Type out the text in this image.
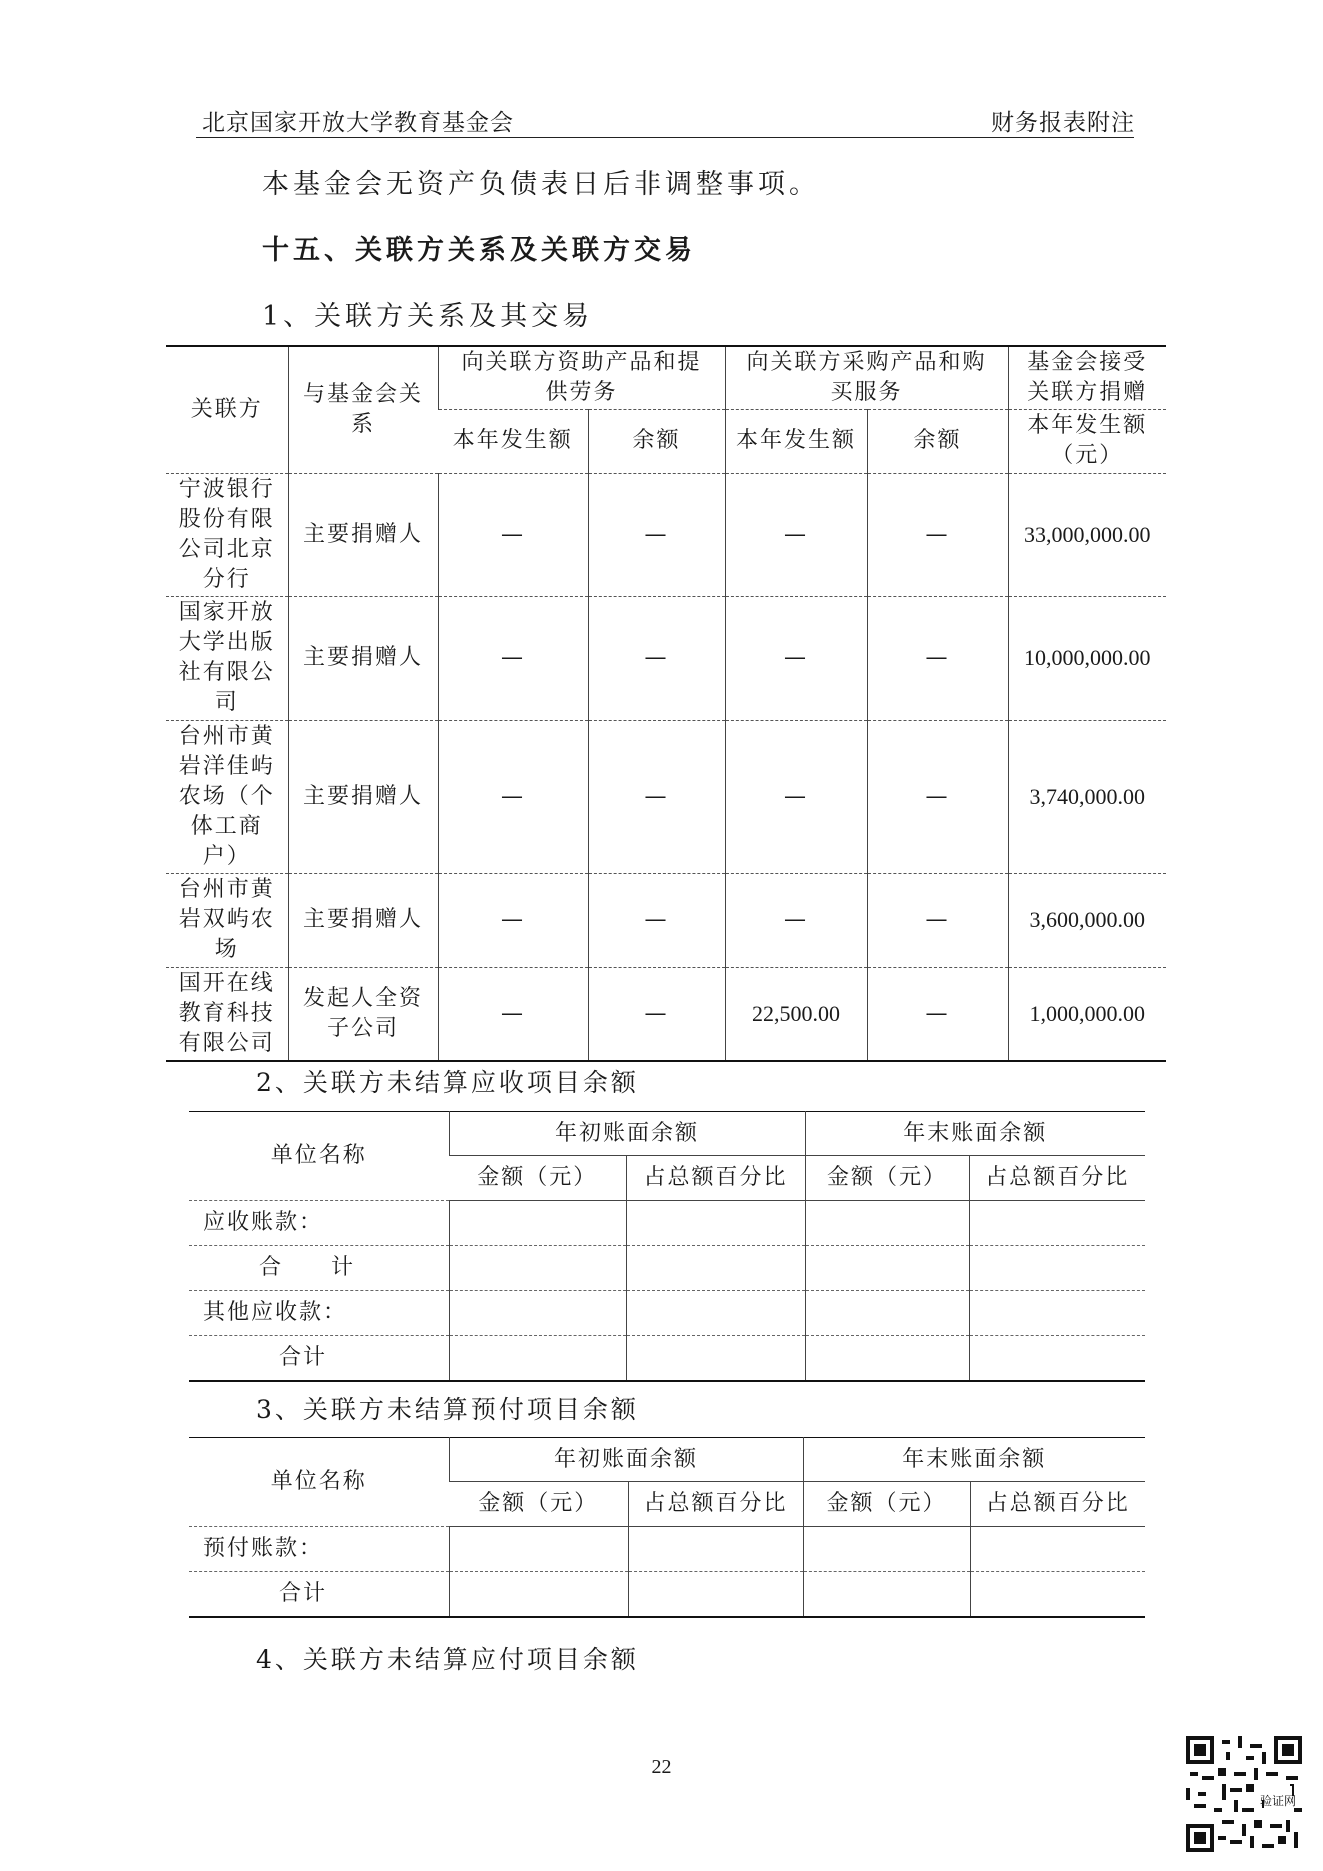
北京国家开放大学教育基金会	财务报表附注
本基金会无资产负债表日后非调整事项。
十五、关联方关系及关联方交易
1、关联方关系及其交易
关联方	与基金会关系	向关联方资助产品和提供劳务		向关联方采购产品和购买服务		基金会接受关联方捐赠

		本年发生额	余额	本年发生额	余额	本年发生额（元）

宁波银行股份有限公司北京分行	主要捐赠人	—	—	—	—	33,000,000.00

国家开放大学出版社有限公司	主要捐赠人	—	—	—	—	10,000,000.00

台州市黄岩洋佳屿农场（个体工商户）	主要捐赠人	—	—	—	—	3,740,000.00

台州市黄岩双屿农场	主要捐赠人	—	—	—	—	3,600,000.00

国开在线教育科技有限公司	发起人全资子公司	—	—	22,500.00	—	1,000,000.00
2、关联方未结算应收项目余额
单位名称	年初账面余额		年末账面余额	
	金额（元）	占总额百分比	金额（元）	占总额百分比
应收账款：				
合　　计				
其他应收款：				
合计				
3、关联方未结算预付项目余额
单位名称	年初账面余额		年末账面余额	
	金额（元）	占总额百分比	金额（元）	占总额百分比
预付账款：				
合计				
4、关联方未结算应付项目余额
22
验证网
